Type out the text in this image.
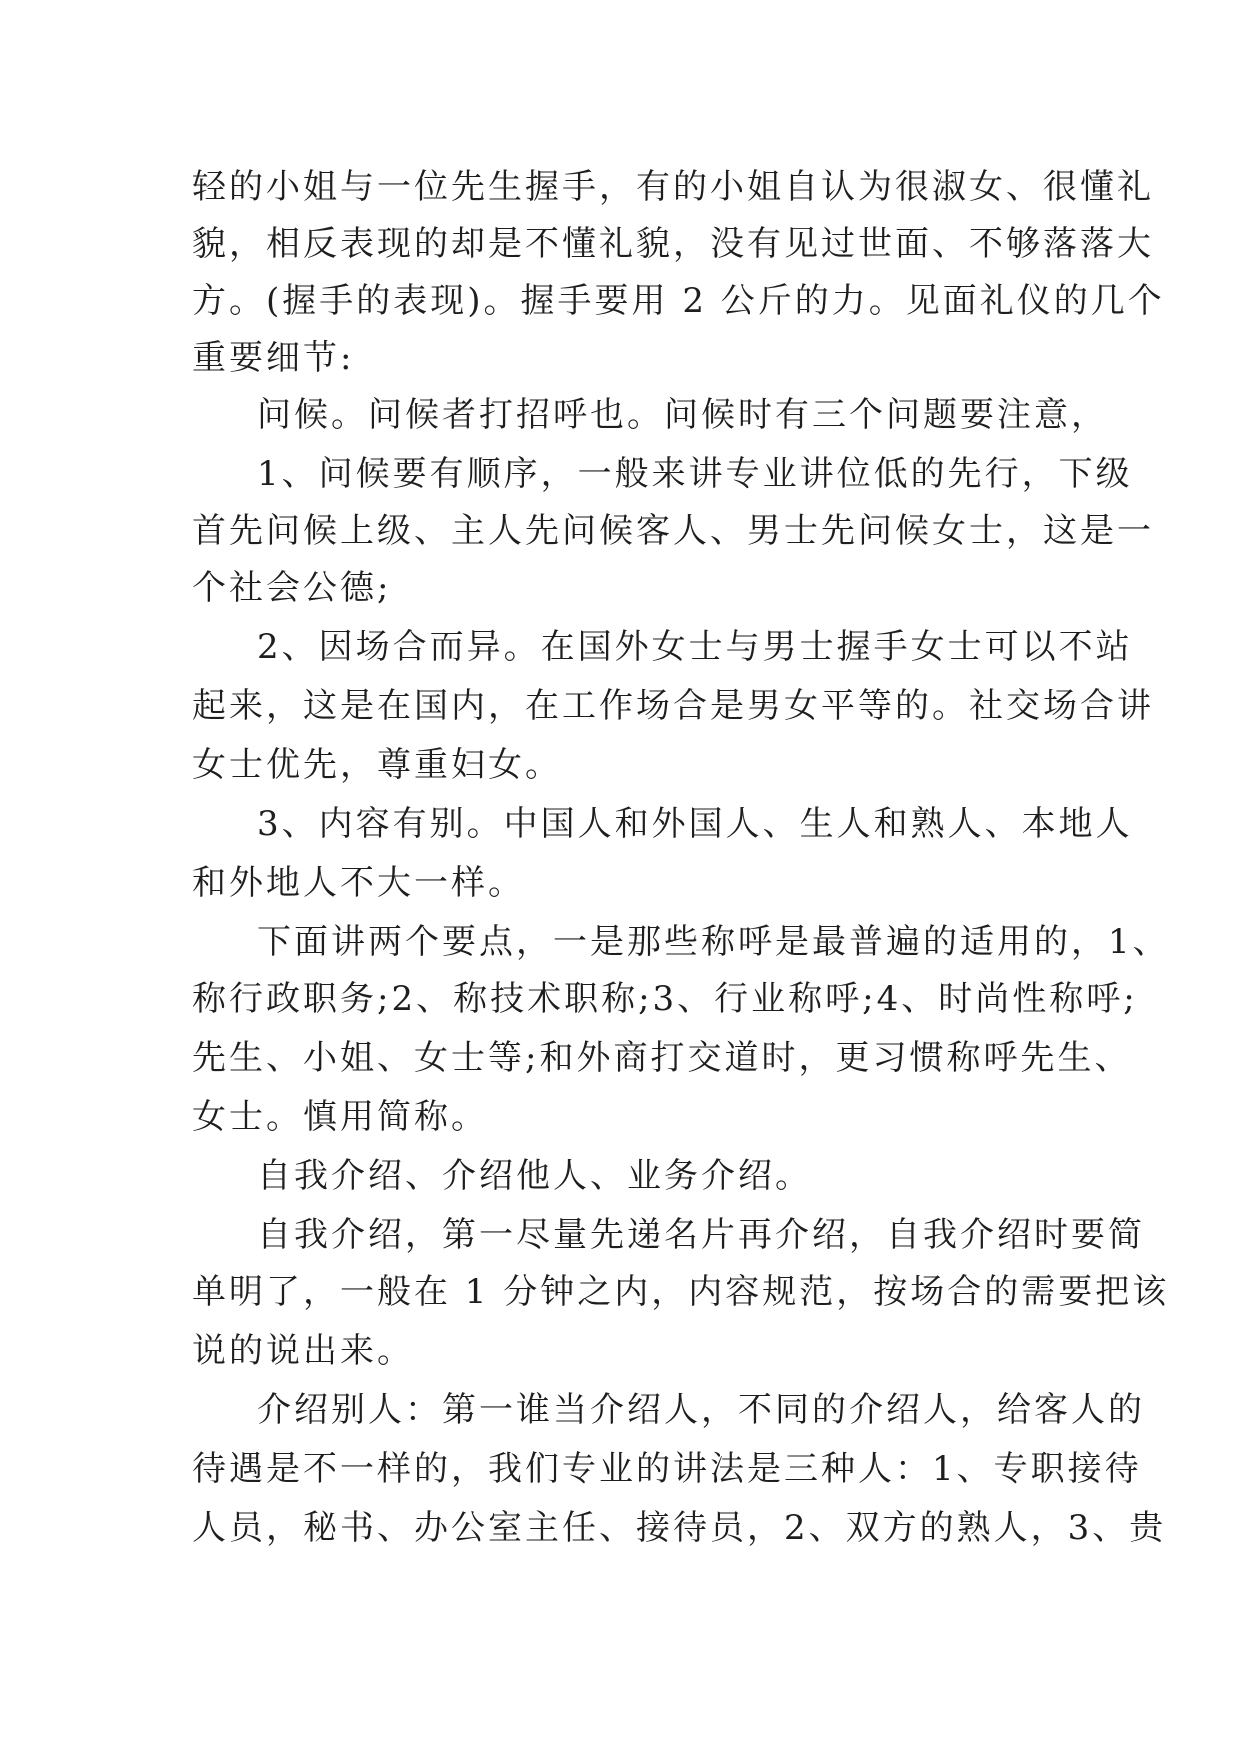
轻的小姐与一位先生握手，有的小姐自认为很淑女、很懂礼
貌，相反表现的却是不懂礼貌，没有见过世面、不够落落大
方。(握手的表现)。握手要用 2 公斤的力。见面礼仪的几个
重要细节:
问候。问候者打招呼也。问候时有三个问题要注意，
1、问候要有顺序，一般来讲专业讲位低的先行，下级
首先问候上级、主人先问候客人、男士先问候女士，这是一
个社会公德;
2、因场合而异。在国外女士与男士握手女士可以不站
起来，这是在国内，在工作场合是男女平等的。社交场合讲
女士优先，尊重妇女。
3、内容有别。中国人和外国人、生人和熟人、本地人
和外地人不大一样。
下面讲两个要点，一是那些称呼是最普遍的适用的，1、
称行政职务;2、称技术职称;3、行业称呼;4、时尚性称呼;
先生、小姐、女士等;和外商打交道时，更习惯称呼先生、
女士。慎用简称。
自我介绍、介绍他人、业务介绍。
自我介绍，第一尽量先递名片再介绍，自我介绍时要简
单明了，一般在 1 分钟之内，内容规范，按场合的需要把该
说的说出来。
介绍别人：第一谁当介绍人，不同的介绍人，给客人的
待遇是不一样的，我们专业的讲法是三种人：1、专职接待
人员，秘书、办公室主任、接待员，2、双方的熟人，3、贵
